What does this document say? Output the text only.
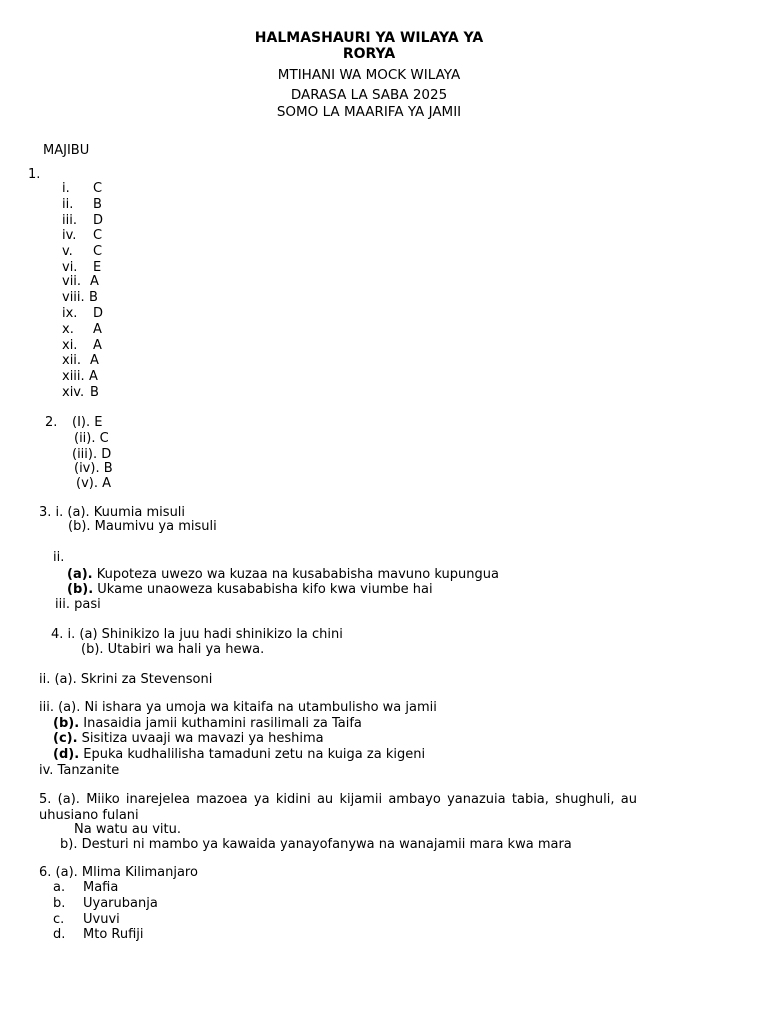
HALMASHAURI YA WILAYA YA
RORYA
MTIHANI WA MOCK WILAYA
DARASA LA SABA 2025
SOMO LA MAARIFA YA JAMII
MAJIBU
1.
i. C
ii. B
iii. D
iv. C
v. C
vi. E
vii. A
viii. B
ix. D
x. A
xi. A
xii. A
xiii. A
xiv. B
2. (I). E
(ii). C
(iii). D
(iv). B
(v). A
3. i. (a). Kuumia misuli
(b). Maumivu ya misuli
ii.
(a). Kupoteza uwezo wa kuzaa na kusababisha mavuno kupungua
(b). Ukame unaoweza kusababisha kifo kwa viumbe hai
iii. pasi
4. i. (a) Shinikizo la juu hadi shinikizo la chini
(b). Utabiri wa hali ya hewa.
ii. (a). Skrini za Stevensoni
iii. (a). Ni ishara ya umoja wa kitaifa na utambulisho wa jamii
(b). Inasaidia jamii kuthamini rasilimali za Taifa
(c). Sisitiza uvaaji wa mavazi ya heshima
(d). Epuka kudhalilisha tamaduni zetu na kuiga za kigeni
iv. Tanzanite
5. (a). Miiko inarejelea mazoea ya kidini au kijamii ambayo yanazuia tabia, shughuli, au uhusiano fulani
Na watu au vitu.
b). Desturi ni mambo ya kawaida yanayofanywa na wanajamii mara kwa mara
6. (a). Mlima Kilimanjaro
a. Mafia
b. Uyarubanja
c. Uvuvi
d. Mto Rufiji
